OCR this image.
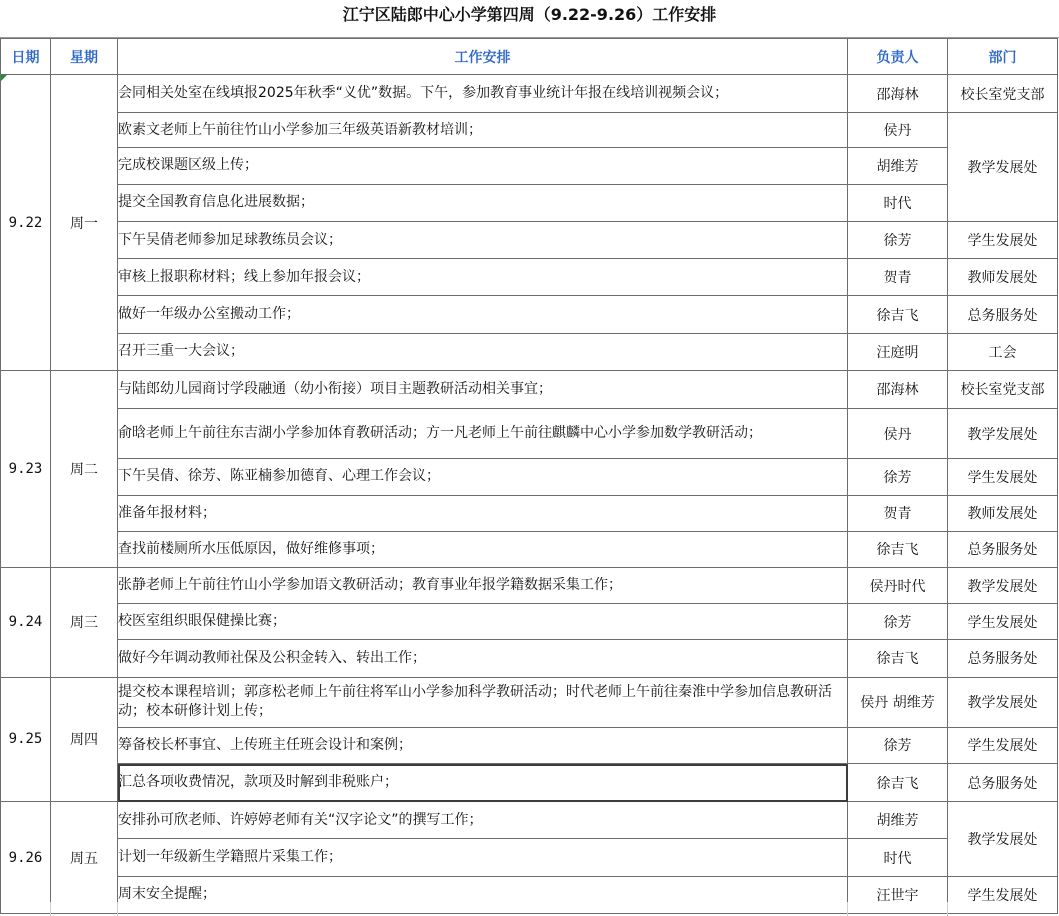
江宁区陆郎中心小学第四周（9.22-9.26）工作安排
日期	星期	工作安排	负责人	部门
9.22	周一	会同相关处室在线填报2025年秋季“义优”数据。下午，参加教育事业统计年报在线培训视频会议；	邵海林	校长室党支部
		欧素文老师上午前往竹山小学参加三年级英语新教材培训；	侯丹	教学发展处
		完成校课题区级上传；	胡维芳	
		提交全国教育信息化进展数据；	时代	
		下午吴倩老师参加足球教练员会议；	徐芳	学生发展处
		审核上报职称材料；线上参加年报会议；	贺青	教师发展处
		做好一年级办公室搬动工作；	徐吉飞	总务服务处
		召开三重一大会议；	汪庭明	工会
9.23	周二	与陆郎幼儿园商讨学段融通（幼小衔接）项目主题教研活动相关事宜；	邵海林	校长室党支部
		俞晗老师上午前往东吉湖小学参加体育教研活动；方一凡老师上午前往麒麟中心小学参加数学教研活动；	侯丹	教学发展处
		下午吴倩、徐芳、陈亚楠参加德育、心理工作会议；	徐芳	学生发展处
		准备年报材料；	贺青	教师发展处
		查找前楼厕所水压低原因，做好维修事项；	徐吉飞	总务服务处
9.24	周三	张静老师上午前往竹山小学参加语文教研活动；教育事业年报学籍数据采集工作；	侯丹时代	教学发展处
		校医室组织眼保健操比赛；	徐芳	学生发展处
		做好今年调动教师社保及公积金转入、转出工作；	徐吉飞	总务服务处
9.25	周四	提交校本课程培训；郭彦松老师上午前往将军山小学参加科学教研活动；时代老师上午前往秦淮中学参加信息教研活动；校本研修计划上传；	侯丹 胡维芳	教学发展处
		筹备校长杯事宜、上传班主任班会设计和案例；	徐芳	学生发展处
		汇总各项收费情况，款项及时解到非税账户；	徐吉飞	总务服务处
9.26	周五	安排孙可欣老师、许婷婷老师有关“汉字论文”的撰写工作；	胡维芳	教学发展处
		计划一年级新生学籍照片采集工作；	时代	
		周末安全提醒；	汪世宇	学生发展处
